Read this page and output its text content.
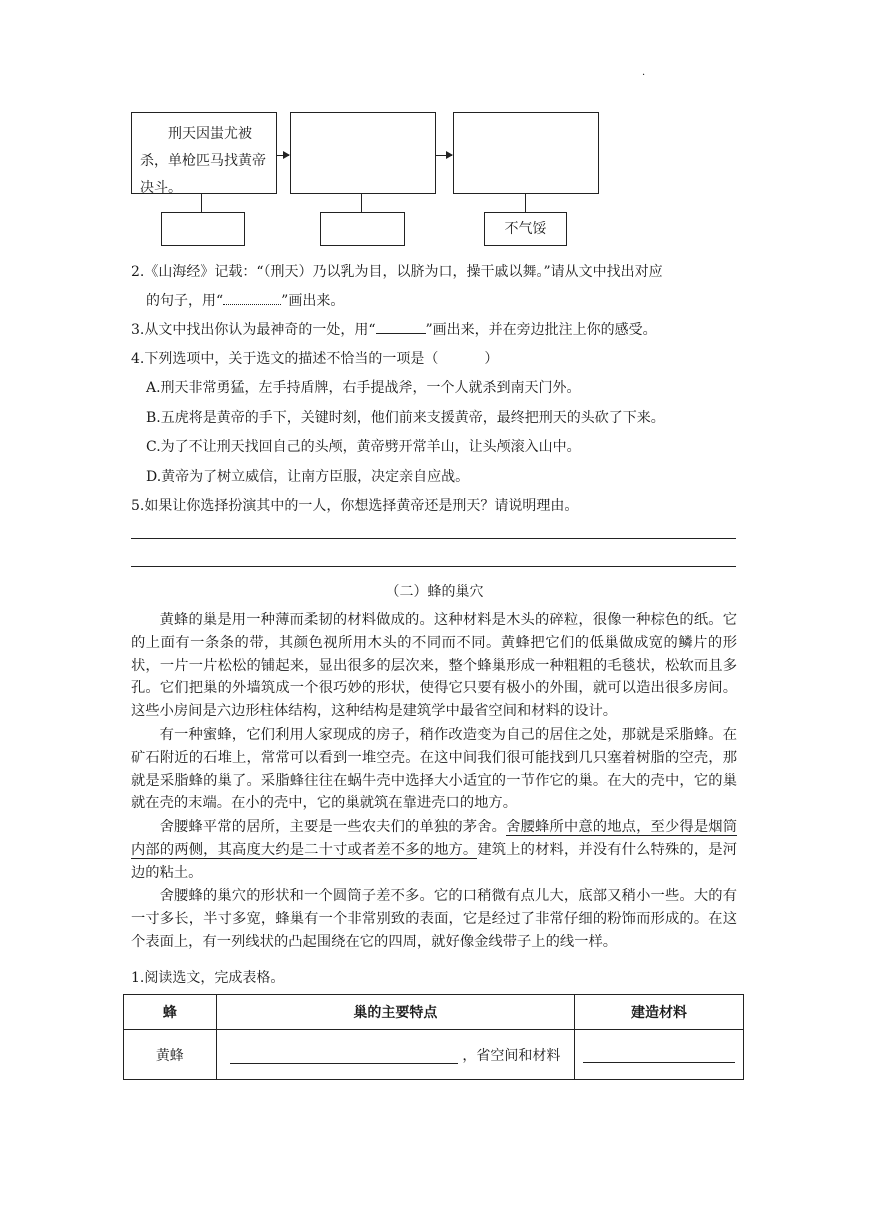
·
刑天因蚩尤被杀，单枪匹马找黄帝决斗。
不气馁
2.《山海经》记载：“（刑天）乃以乳为目，以脐为口，操干戚以舞。”请从文中找出对应
的句子，用“	”画出来。
3.从文中找出你认为最神奇的一处，用“	”画出来，并在旁边批注上你的感受。
4.下列选项中，关于选文的描述不恰当的一项是（	）
A.刑天非常勇猛，左手持盾牌，右手提战斧，一个人就杀到南天门外。
B.五虎将是黄帝的手下，关键时刻，他们前来支援黄帝，最终把刑天的头砍了下来。
C.为了不让刑天找回自己的头颅，黄帝劈开常羊山，让头颅滚入山中。
D.黄帝为了树立威信，让南方臣服，决定亲自应战。
5.如果让你选择扮演其中的一人，你想选择黄帝还是刑天？请说明理由。
（二）蜂的巢穴
黄蜂的巢是用一种薄而柔韧的材料做成的。这种材料是木头的碎粒，很像一种棕色的纸。它的上面有一条条的带，其颜色视所用木头的不同而不同。黄蜂把它们的低巢做成宽的鳞片的形状，一片一片松松的铺起来，显出很多的层次来，整个蜂巢形成一种粗粗的毛毯状，松软而且多孔。它们把巢的外墙筑成一个很巧妙的形状，使得它只要有极小的外围，就可以造出很多房间。这些小房间是六边形柱体结构，这种结构是建筑学中最省空间和材料的设计。
有一种蜜蜂，它们利用人家现成的房子，稍作改造变为自己的居住之处，那就是采脂蜂。在矿石附近的石堆上，常常可以看到一堆空壳。在这中间我们很可能找到几只塞着树脂的空壳，那就是采脂蜂的巢了。采脂蜂往往在蜗牛壳中选择大小适宜的一节作它的巢。在大的壳中，它的巢就在壳的末端。在小的壳中，它的巢就筑在靠进壳口的地方。
舍腰蜂平常的居所，主要是一些农夫们的单独的茅舍。舍腰蜂所中意的地点，至少得是烟筒内部的两侧，其高度大约是二十寸或者差不多的地方。建筑上的材料，并没有什么特殊的，是河边的粘土。
舍腰蜂的巢穴的形状和一个圆筒子差不多。它的口稍微有点儿大，底部又稍小一些。大的有一寸多长，半寸多宽，蜂巢有一个非常别致的表面，它是经过了非常仔细的粉饰而形成的。在这个表面上，有一列线状的凸起围绕在它的四周，就好像金线带子上的线一样。
1.阅读选文，完成表格。
蜂	巢的主要特点	建造材料
黄蜂	，省空间和材料	
